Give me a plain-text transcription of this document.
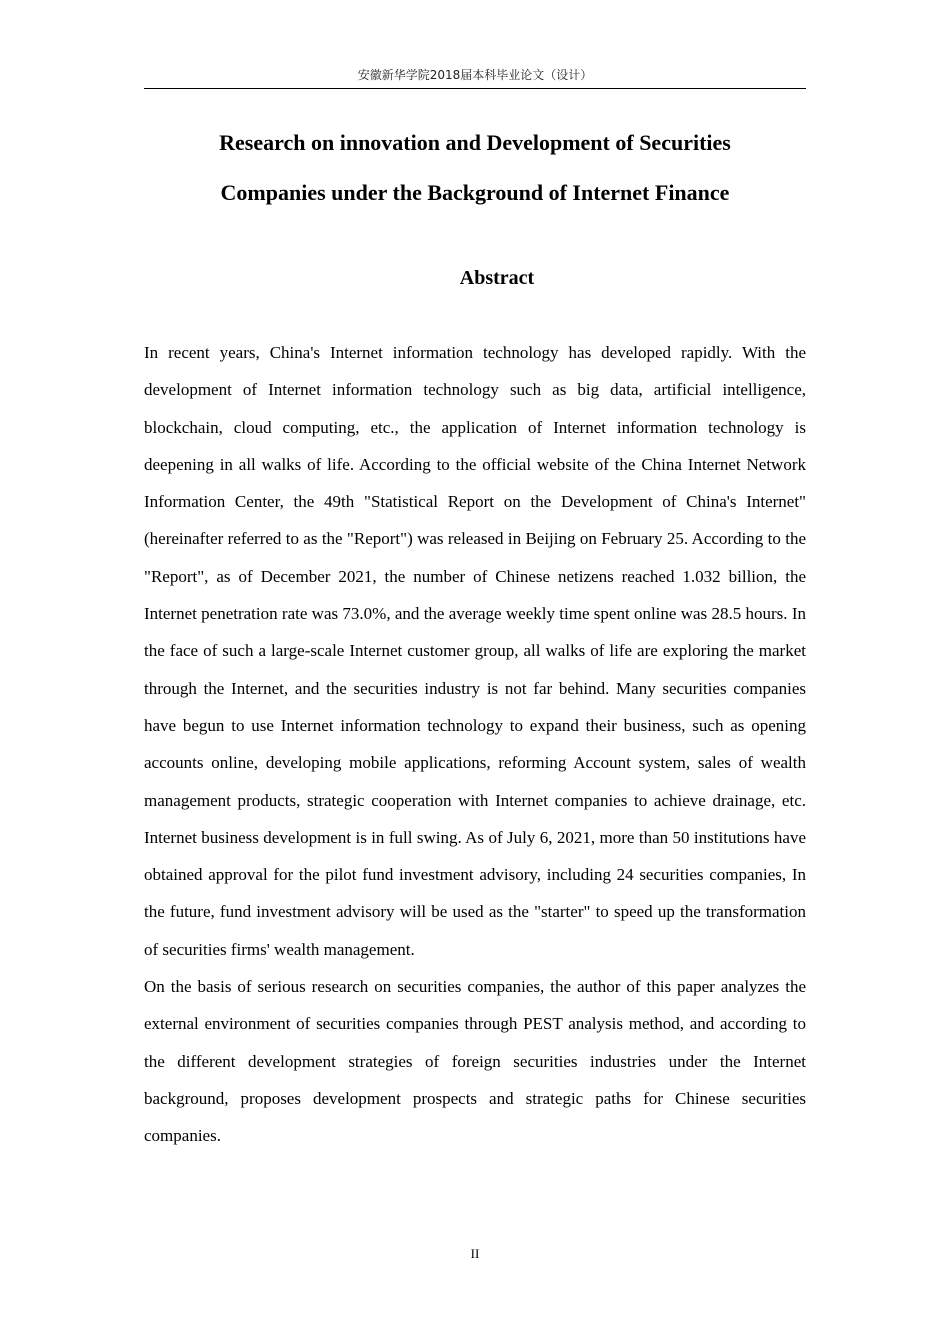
安徽新华学院2018届本科毕业论文（设计）
Research on innovation and Development of Securities
Companies under the Background of Internet Finance
Abstract

In recent years, China's Internet information technology has developed rapidly. With the development of Internet information technology such as big data, artificial intelligence, blockchain, cloud computing, etc., the application of Internet information technology is deepening in all walks of life. According to the official website of the China Internet Network Information Center, the 49th "Statistical Report on the Development of China's Internet" (hereinafter referred to as the "Report") was released in Beijing on February 25. According to the "Report", as of December 2021, the number of Chinese netizens reached 1.032 billion, the Internet penetration rate was 73.0%, and the average weekly time spent online was 28.5 hours. In the face of such a large-scale Internet customer group, all walks of life are exploring the market through the Internet, and the securities industry is not far behind. Many securities companies have begun to use Internet information technology to expand their business, such as opening accounts online, developing mobile applications, reforming Account system, sales of wealth management products, strategic cooperation with Internet companies to achieve drainage, etc. Internet business development is in full swing. As of July 6, 2021, more than 50 institutions have obtained approval for the pilot fund investment advisory, including 24 securities companies, In the future, fund investment advisory will be used as the "starter" to speed up the transformation of securities firms' wealth management.

On the basis of serious research on securities companies, the author of this paper analyzes the external environment of securities companies through PEST analysis method, and according to the different development strategies of foreign securities industries under the Internet background, proposes development prospects and strategic paths for Chinese securities companies.

II
